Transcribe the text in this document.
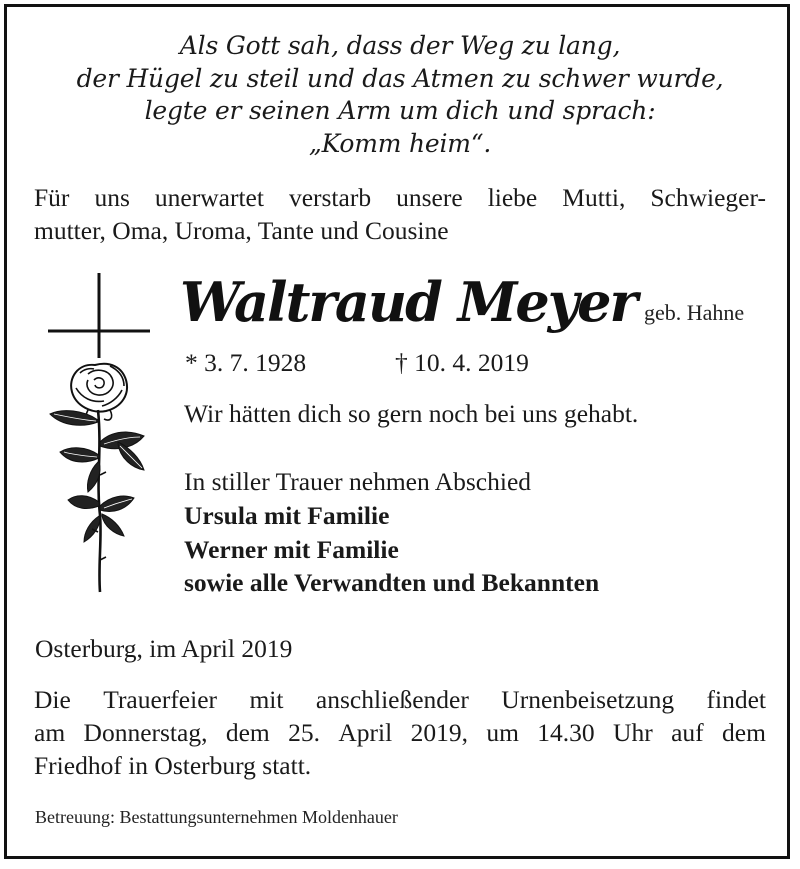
Als Gott sah, dass der Weg zu lang,
der Hügel zu steil und das Atmen zu schwer wurde,
legte er seinen Arm um dich und sprach:
„Komm heim“.
Für uns unerwartet verstarb unsere liebe Mutti, Schwieger-
mutter, Oma, Uroma, Tante und Cousine
Waltraud Meyer geb. Hahne
* 3. 7. 1928	† 10. 4. 2019
Wir hätten dich so gern noch bei uns gehabt.
In stiller Trauer nehmen Abschied
Ursula mit Familie
Werner mit Familie
sowie alle Verwandten und Bekannten
Osterburg, im April 2019
Die Trauerfeier mit anschließender Urnenbeisetzung findet
am Donnerstag, dem 25. April 2019, um 14.30 Uhr auf dem
Friedhof in Osterburg statt.
Betreuung: Bestattungsunternehmen Moldenhauer
